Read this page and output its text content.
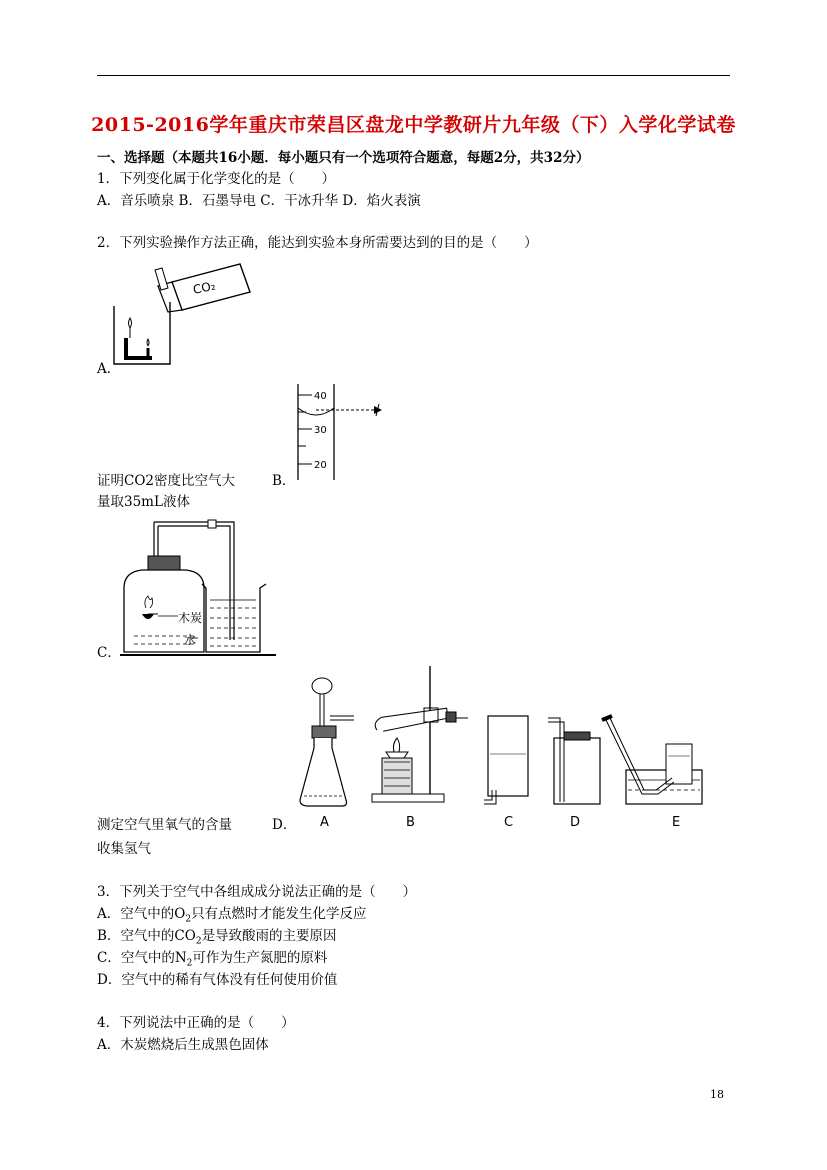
2015-2016学年重庆市荣昌区盘龙中学教研片九年级（下）入学化学试卷
一、选择题（本题共16小题．每小题只有一个选项符合题意，每题2分，共32分）
1．下列变化属于化学变化的是（　　）
A．音乐喷泉 B．石墨导电 C．干冰升华 D．焰火表演
2．下列实验操作方法正确，能达到实验本身所需要达到的目的是（　　）
CO₂
A．
证明CO2密度比空气大
40
30
20
B．
量取35mL液体
木炭
水
C．
测定空气里氧气的含量	A	B	C	D	E
D．
收集氢气
3．下列关于空气中各组成成分说法正确的是（　　）
A．空气中的$O_2$只有点燃时才能发生化学反应
B．空气中的$CO_2$是导致酸雨的主要原因
C．空气中的$N_2$可作为生产氮肥的原料
D．空气中的稀有气体没有任何使用价值
4．下列说法中正确的是（　　）
A．木炭燃烧后生成黑色固体
18
